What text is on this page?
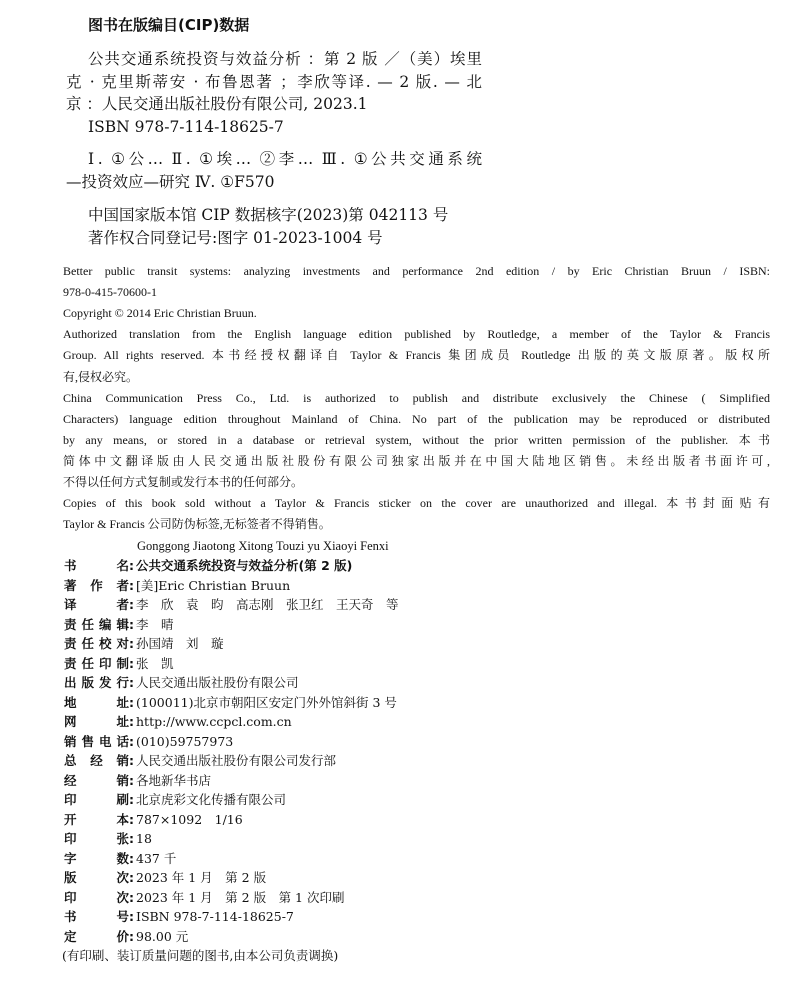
图书在版编目(CIP)数据
公共交通系统投资与效益分析 ：第 2 版 ／（美）埃里
克 · 克里斯蒂安 · 布鲁恩著 ；李欣等译. — 2 版. — 北
京 ：人民交通出版社股份有限公司, 2023.1
ISBN 978-7-114-18625-7
Ⅰ. ①公… Ⅱ. ①埃… ②李… Ⅲ. ①公共交通系统
—投资效应—研究 Ⅳ. ①F570
中国国家版本馆 CIP 数据核字(2023)第 042113 号
著作权合同登记号:图字 01-2023-1004 号
Better public transit systems: analyzing investments and performance 2nd edition / by Eric Christian Bruun / ISBN:
978-0-415-70600-1
Copyright © 2014 Eric Christian Bruun.
Authorized translation from the English language edition published by Routledge, a member of the Taylor & Francis
Group. All rights reserved. 本书经授权翻译自 Taylor & Francis 集团成员 Routledge 出版的英文版原著。版权所
有,侵权必究。
China Communication Press Co., Ltd. is authorized to publish and distribute exclusively the Chinese ( Simplified
Characters) language edition throughout Mainland of China. No part of the publication may be reproduced or distributed
by any means, or stored in a database or retrieval system, without the prior written permission of the publisher. 本书
简体中文翻译版由人民交通出版社股份有限公司独家出版并在中国大陆地区销售。未经出版者书面许可,
不得以任何方式复制或发行本书的任何部分。
Copies of this book sold without a Taylor & Francis sticker on the cover are unauthorized and illegal. 本书封面贴有
Taylor & Francis 公司防伪标签,无标签者不得销售。
Gonggong Jiaotong Xitong Touzi yu Xiaoyi Fenxi
书名: 公共交通系统投资与效益分析(第 2 版)
著作者: [美]Eric Christian Bruun
译者: 李　欣　袁　昀　高志刚　张卫红　王天奇　等
责任编辑: 李　晴
责任校对: 孙国靖　刘　璇
责任印制: 张　凯
出版发行: 人民交通出版社股份有限公司
地址: (100011)北京市朝阳区安定门外外馆斜街 3 号
网址: http://www.ccpcl.com.cn
销售电话: (010)59757973
总经销: 人民交通出版社股份有限公司发行部
经销: 各地新华书店
印刷: 北京虎彩文化传播有限公司
开本: 787×1092　1/16
印张: 18
字数: 437 千
版次: 2023 年 1 月　第 2 版
印次: 2023 年 1 月　第 2 版　第 1 次印刷
书号: ISBN 978-7-114-18625-7
定价: 98.00 元
(有印刷、装订质量问题的图书,由本公司负责调换)
